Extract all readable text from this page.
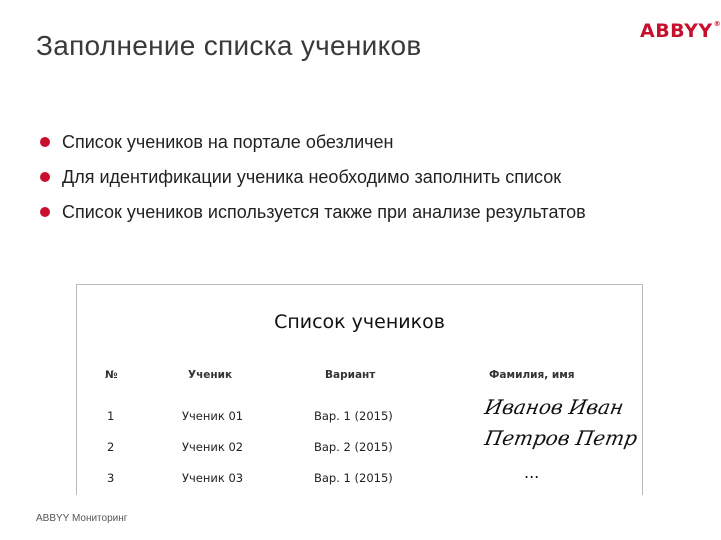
Заполнение списка учеников	ABBYY®
Список учеников на портале обезличен
Для идентификации ученика необходимо заполнить список
Список учеников используется также при анализе результатов
Список учеников
№	Ученик	Вариант	Фамилия, имя
1	Ученик 01	Вар. 1 (2015)	Иванов Иван
2	Ученик 02	Вар. 2 (2015)	Петров Петр
3	Ученик 03	Вар. 1 (2015)	...
ABBYY Мониторинг
